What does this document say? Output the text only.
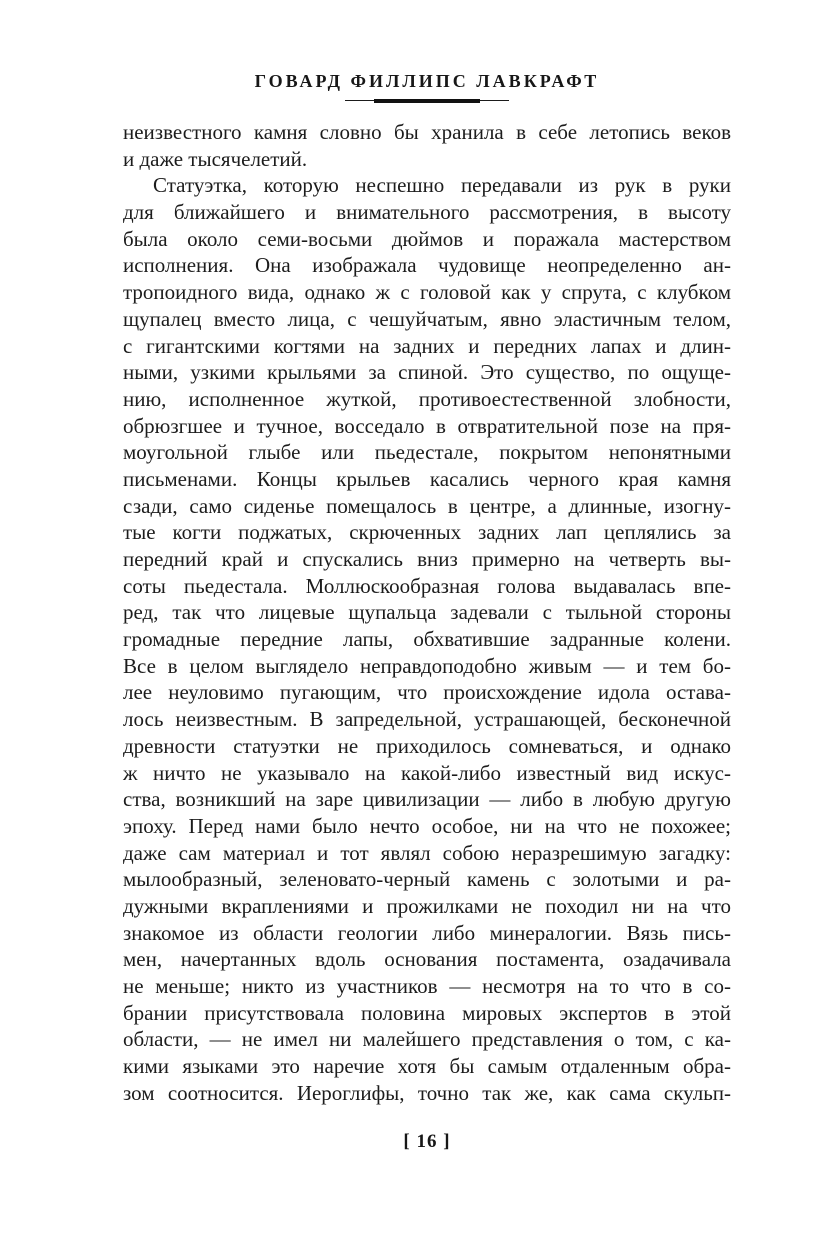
ГОВАРД ФИЛЛИПС ЛАВКРАФТ
неизвестного камня словно бы хранила в себе летопись веков
и даже тысячелетий.
Статуэтка, которую неспешно передавали из рук в руки
для ближайшего и внимательного рассмотрения, в высоту
была около семи-восьми дюймов и поражала мастерством
исполнения. Она изображала чудовище неопределенно ан-
тропоидного вида, однако ж с головой как у спрута, с клубком
щупалец вместо лица, с чешуйчатым, явно эластичным телом,
с гигантскими когтями на задних и передних лапах и длин-
ными, узкими крыльями за спиной. Это существо, по ощуще-
нию, исполненное жуткой, противоестественной злобности,
обрюзгшее и тучное, восседало в отвратительной позе на пря-
моугольной глыбе или пьедестале, покрытом непонятными
письменами. Концы крыльев касались черного края камня
сзади, само сиденье помещалось в центре, а длинные, изогну-
тые когти поджатых, скрюченных задних лап цеплялись за
передний край и спускались вниз примерно на четверть вы-
соты пьедестала. Моллюскообразная голова выдавалась впе-
ред, так что лицевые щупальца задевали с тыльной стороны
громадные передние лапы, обхватившие задранные колени.
Все в целом выглядело неправдоподобно живым — и тем бо-
лее неуловимо пугающим, что происхождение идола остава-
лось неизвестным. В запредельной, устрашающей, бесконечной
древности статуэтки не приходилось сомневаться, и однако
ж ничто не указывало на какой-либо известный вид искус-
ства, возникший на заре цивилизации — либо в любую другую
эпоху. Перед нами было нечто особое, ни на что не похожее;
даже сам материал и тот являл собою неразрешимую загадку:
мылообразный, зеленовато-черный камень с золотыми и ра-
дужными вкраплениями и прожилками не походил ни на что
знакомое из области геологии либо минералогии. Вязь пись-
мен, начертанных вдоль основания постамента, озадачивала
не меньше; никто из участников — несмотря на то что в со-
брании присутствовала половина мировых экспертов в этой
области, — не имел ни малейшего представления о том, с ка-
кими языками это наречие хотя бы самым отдаленным обра-
зом соотносится. Иероглифы, точно так же, как сама скульп-
[ 16 ]
